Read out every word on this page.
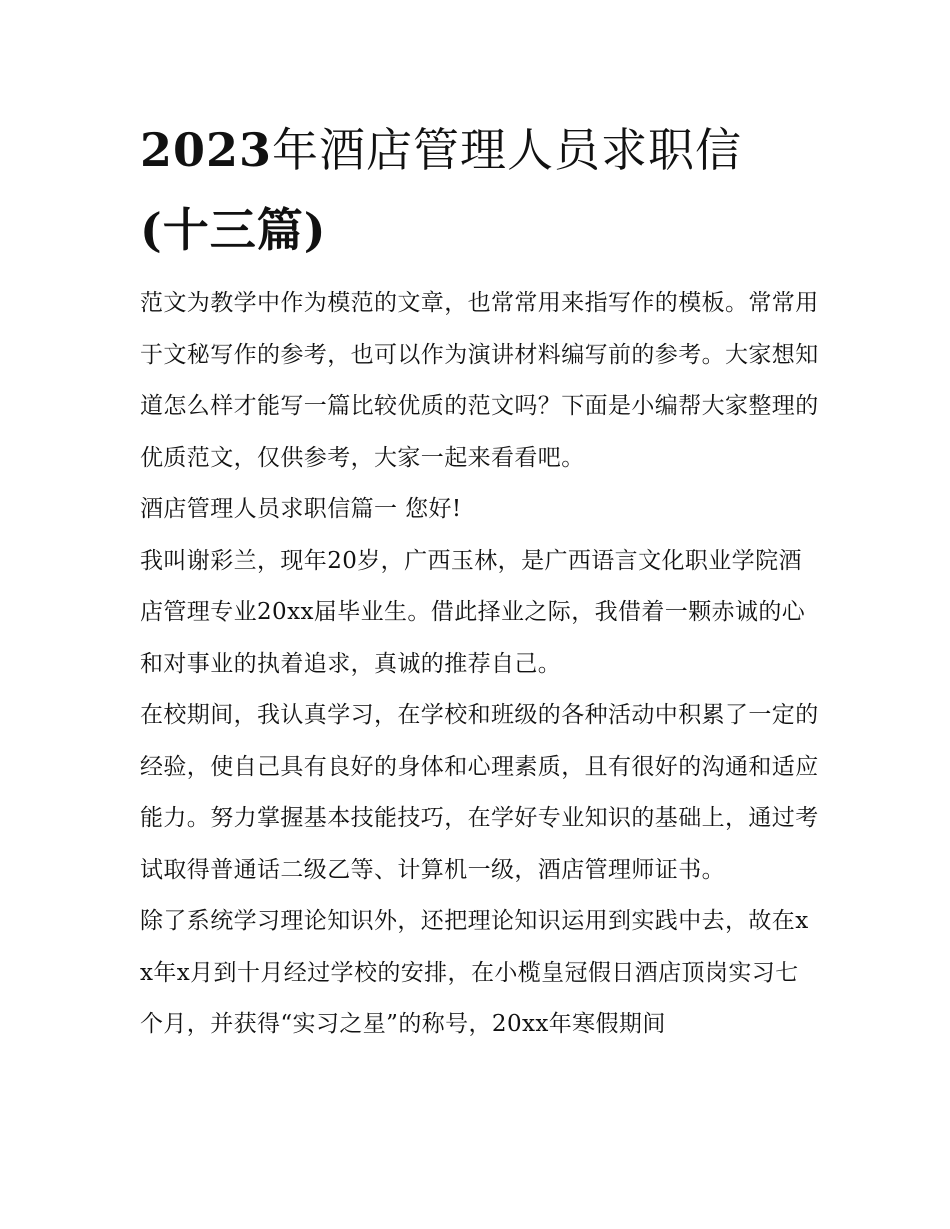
2023年酒店管理人员求职信
(十三篇)

范文为教学中作为模范的文章，也常常用来指写作的模板。常常用于文秘写作的参考，也可以作为演讲材料编写前的参考。大家想知道怎么样才能写一篇比较优质的范文吗？下面是小编帮大家整理的优质范文，仅供参考，大家一起来看看吧。

酒店管理人员求职信篇一 您好!

我叫谢彩兰，现年20岁，广西玉林，是广西语言文化职业学院酒店管理专业20xx届毕业生。借此择业之际，我借着一颗赤诚的心和对事业的执着追求，真诚的推荐自己。

在校期间，我认真学习，在学校和班级的各种活动中积累了一定的经验，使自己具有良好的身体和心理素质，且有很好的沟通和适应能力。努力掌握基本技能技巧，在学好专业知识的基础上，通过考试取得普通话二级乙等、计算机一级，酒店管理师证书。

除了系统学习理论知识外，还把理论知识运用到实践中去，故在xx年x月到十月经过学校的安排，在小榄皇冠假日酒店顶岗实习七个月，并获得“实习之星”的称号，20xx年寒假期间
